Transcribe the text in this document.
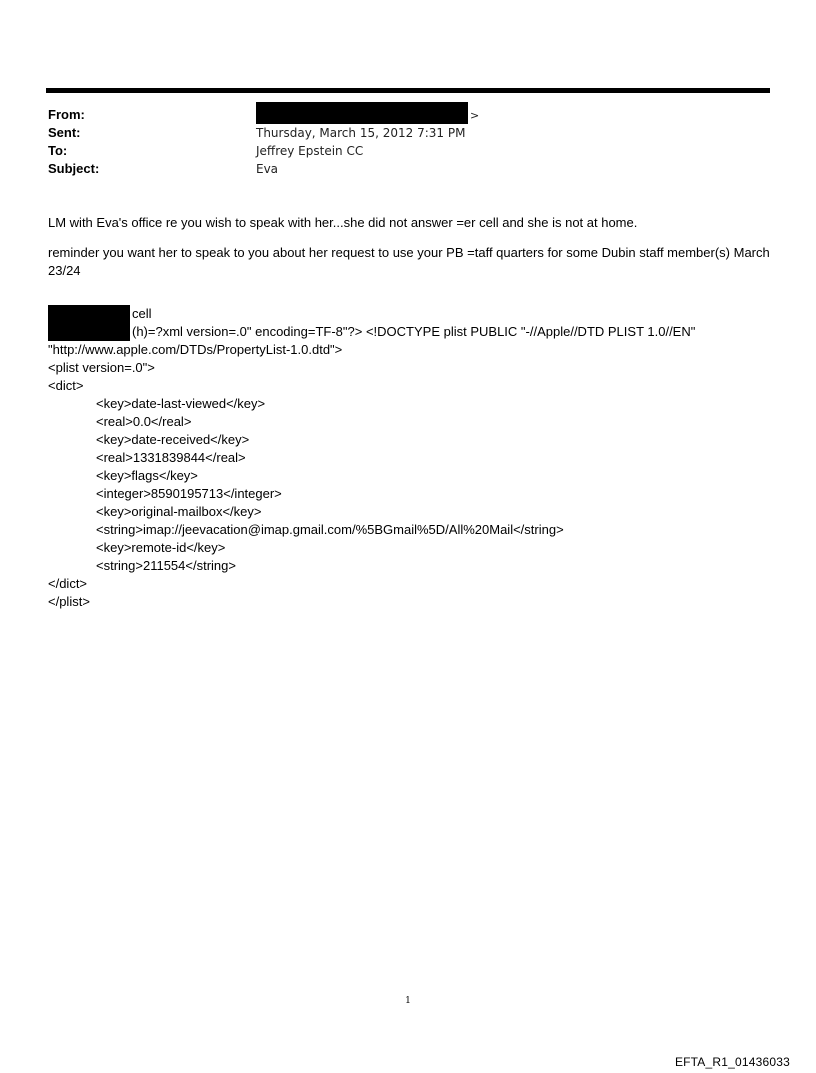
From:	>
Sent:	Thursday, March 15, 2012 7:31 PM
To:	Jeffrey Epstein CC
Subject:	Eva

LM with Eva's office re you wish to speak with her...she did not answer =er cell and she is not at home.

reminder you want her to speak to you about her request to use your PB =taff quarters for some Dubin staff member(s) March 23/24

cell
(h)=?xml version=.0" encoding=TF-8"?> <!DOCTYPE plist PUBLIC "-//Apple//DTD PLIST 1.0//EN"
"http://www.apple.com/DTDs/PropertyList-1.0.dtd">
<plist version=.0">
<dict>
<key>date-last-viewed</key>
<real>0.0</real>
<key>date-received</key>
<real>1331839844</real>
<key>flags</key>
<integer>8590195713</integer>
<key>original-mailbox</key>
<string>imap://jeevacation@imap.gmail.com/%5BGmail%5D/All%20Mail</string>
<key>remote-id</key>
<string>211554</string>
</dict>
</plist>
1
EFTA_R1_01436033
